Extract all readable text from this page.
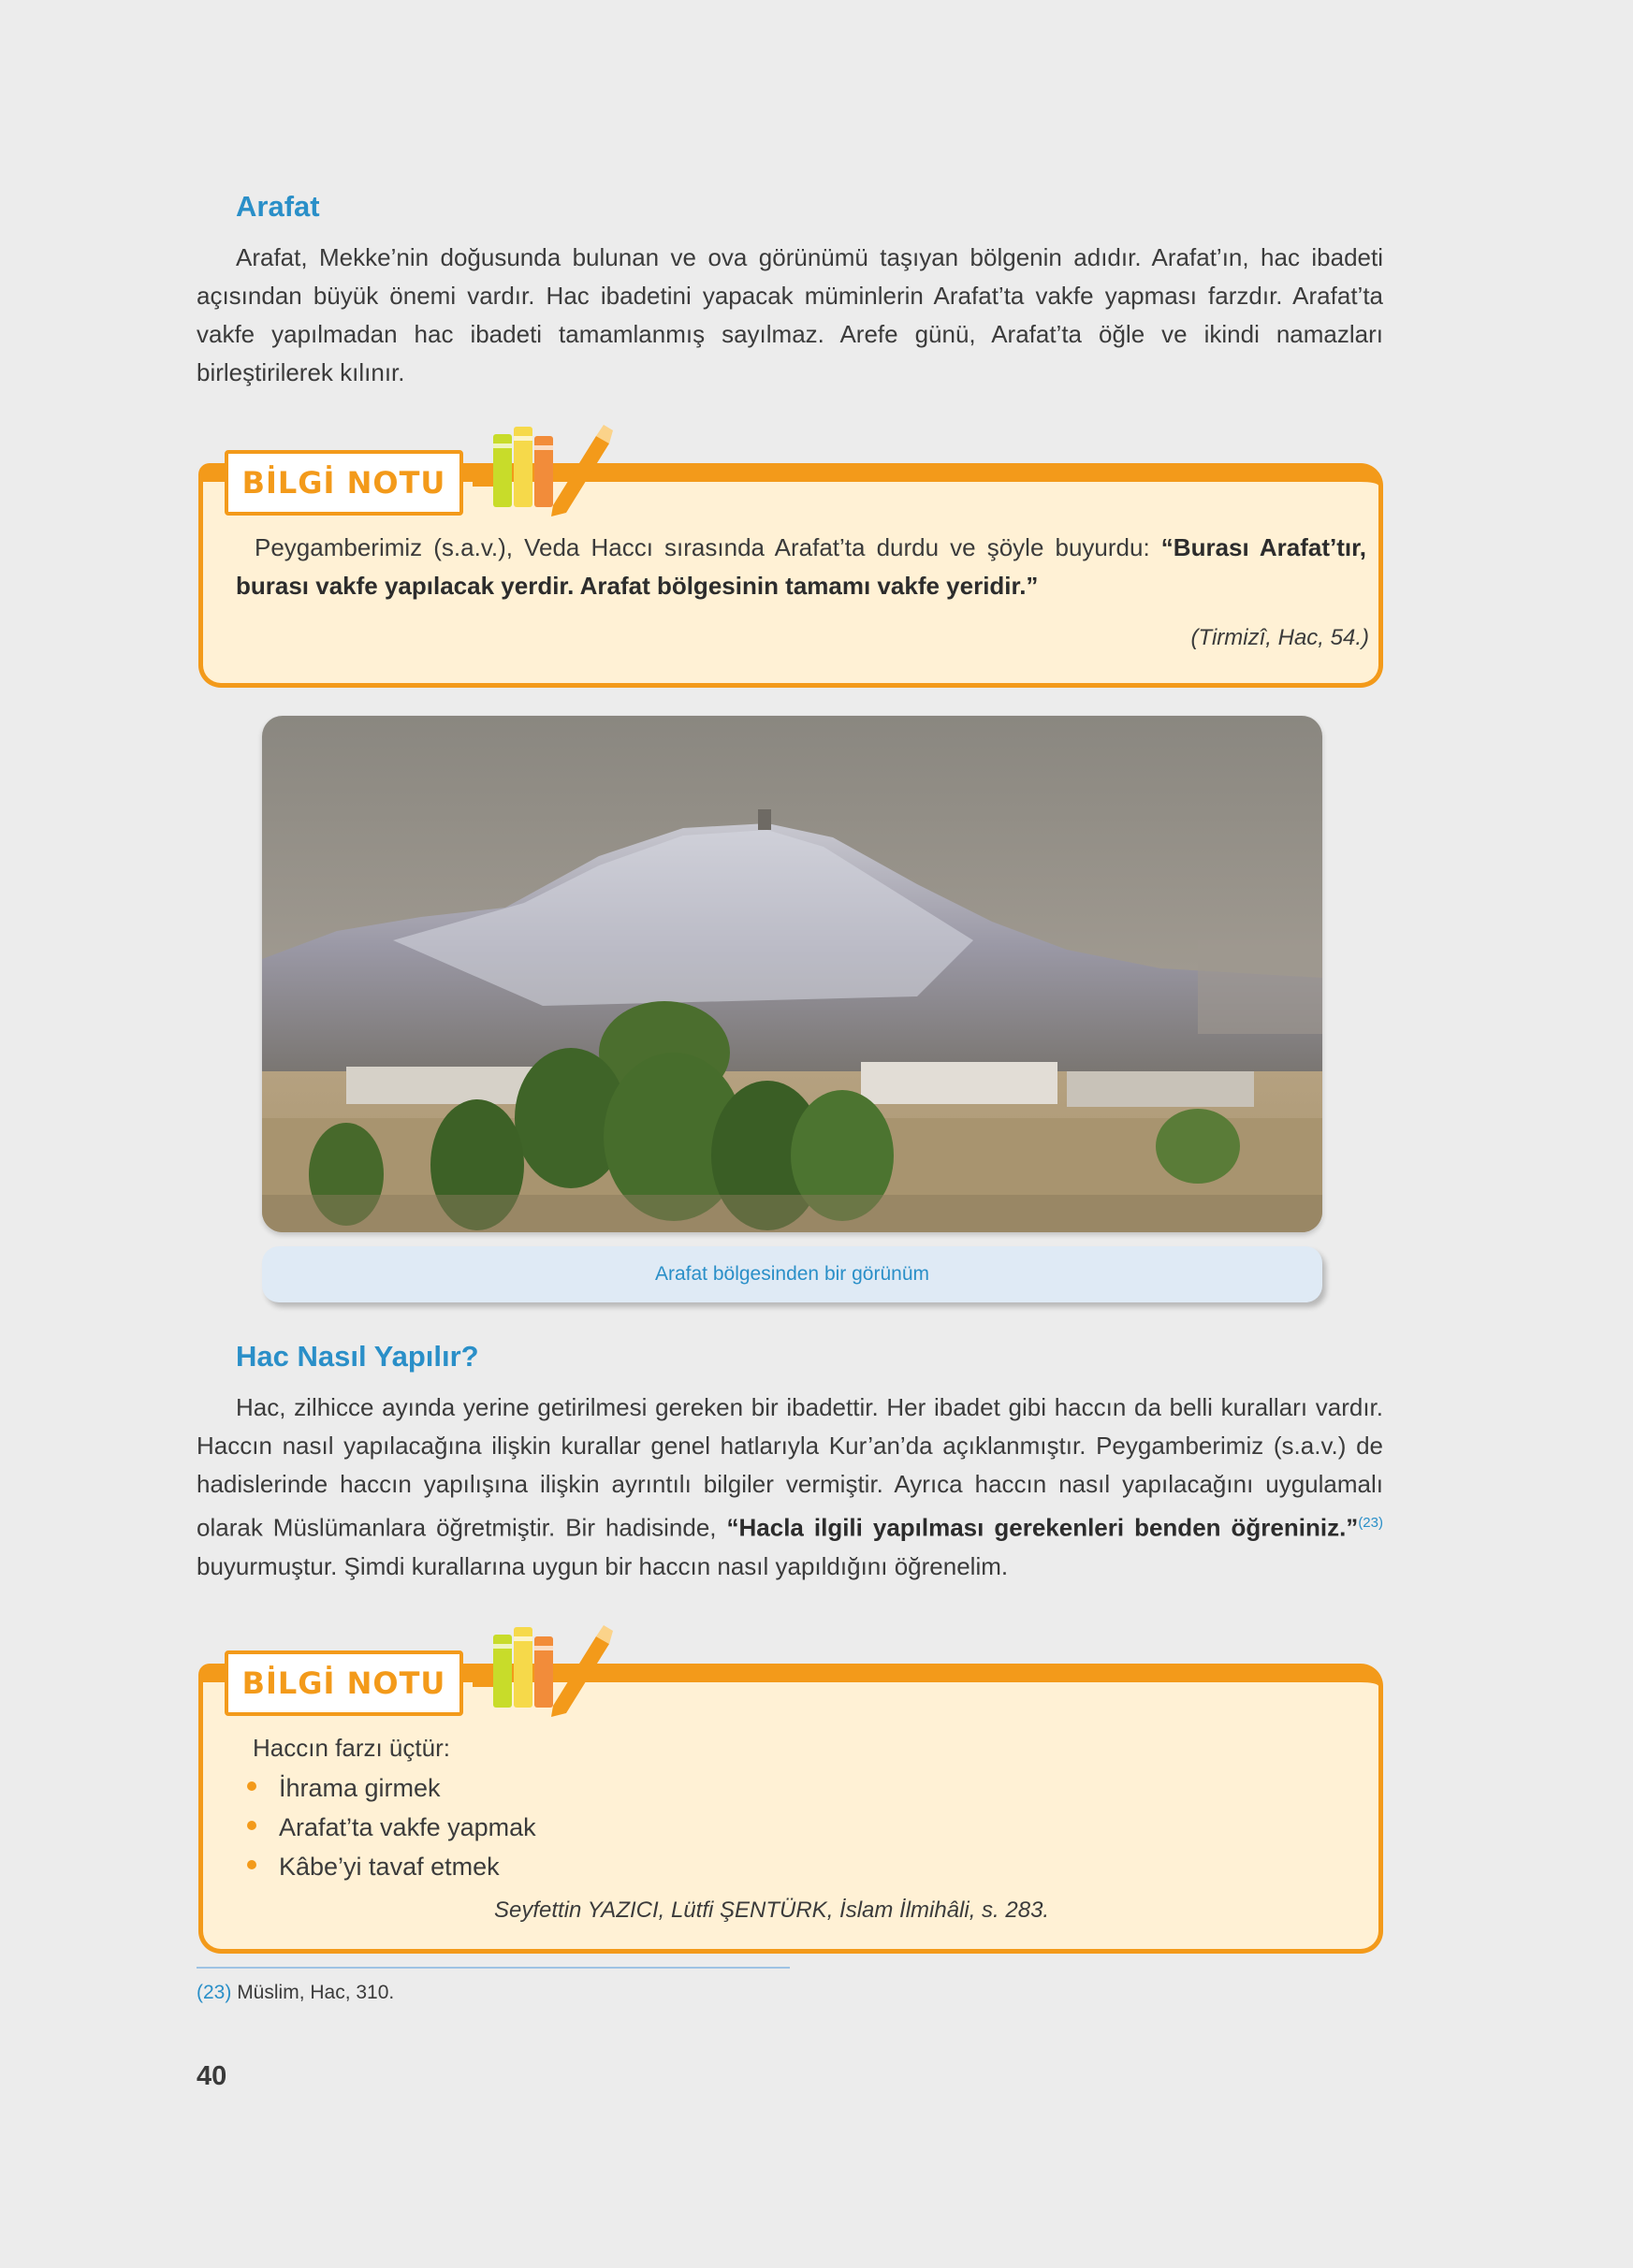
Arafat

Arafat, Mekke’nin doğusunda bulunan ve ova görünümü taşıyan bölgenin adıdır. Arafat’ın, hac ibadeti açısından büyük önemi vardır. Hac ibadetini yapacak müminlerin Arafat’ta vakfe yapması farzdır. Arafat’ta vakfe yapılmadan hac ibadeti tamamlanmış sayılmaz. Arefe günü, Arafat’ta öğle ve ikindi namazları birleştirilerek kılınır.

BİLGİ NOTU

Peygamberimiz (s.a.v.), Veda Haccı sırasında Arafat’ta durdu ve şöyle buyurdu: “Burası Arafat’tır, burası vakfe yapılacak yerdir. Arafat bölgesinin tamamı vakfe yeridir.”

(Tirmizî, Hac, 54.)

Arafat bölgesinden bir görünüm
Hac Nasıl Yapılır?

Hac, zilhicce ayında yerine getirilmesi gereken bir ibadettir. Her ibadet gibi haccın da belli kuralları vardır. Haccın nasıl yapılacağına ilişkin kurallar genel hatlarıyla Kur’an’da açıklanmıştır. Peygamberimiz (s.a.v.) de hadislerinde haccın yapılışına ilişkin ayrıntılı bilgiler vermiştir. Ayrıca haccın nasıl yapılacağını uygulamalı olarak Müslümanlara öğretmiştir. Bir hadisinde, “Hacla ilgili yapılması gerekenleri benden öğreniniz.”$^{(23)}$ buyurmuştur. Şimdi kurallarına uygun bir haccın nasıl yapıldığını öğrenelim.

BİLGİ NOTU

Haccın farzı üçtür:

İhrama girmek
Arafat’ta vakfe yapmak
Kâbe’yi tavaf etmek

Seyfettin YAZICI, Lütfi ŞENTÜRK, İslam İlmihâli, s. 283.

(23) Müslim, Hac, 310.

40
